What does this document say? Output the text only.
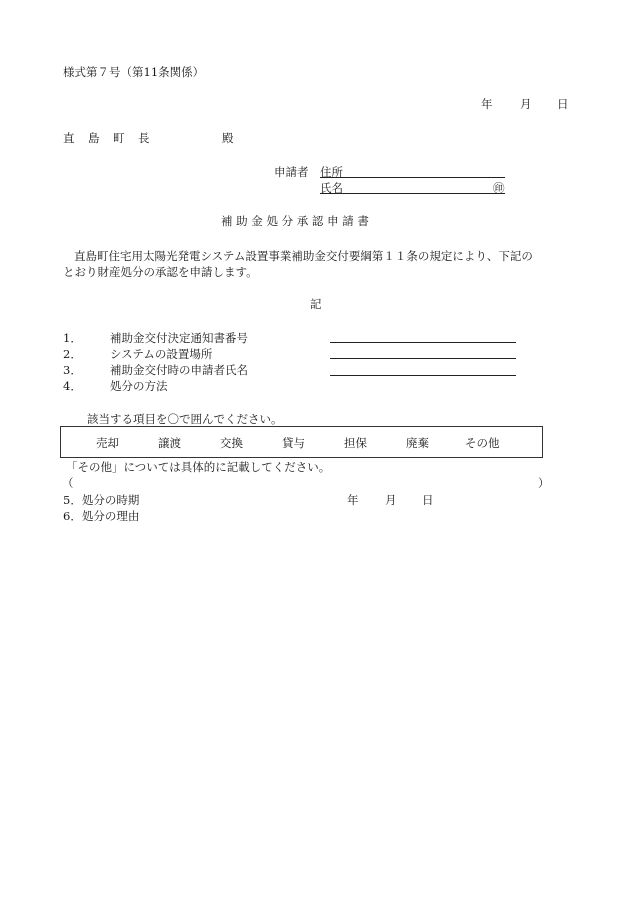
様式第７号（第11条関係）
年 月 日
直 島 町 長	殿
申請者 住所
氏名	㊞
補 助 金 処 分 承 認 申 請 書
直島町住宅用太陽光発電システム設置事業補助金交付要綱第１１条の規定により、下記の
とおり財産処分の承認を申請します。
記
1． 補助金交付決定通知書番号
2． システムの設置場所
3． 補助金交付時の申請者氏名
4． 処分の方法
該当する項目を〇で囲んでください。
売却	譲渡	交換	貸与	担保	廃棄	その他
「その他」については具体的に記載してください。
（	）
5．処分の時期	年 月 日
6．処分の理由
